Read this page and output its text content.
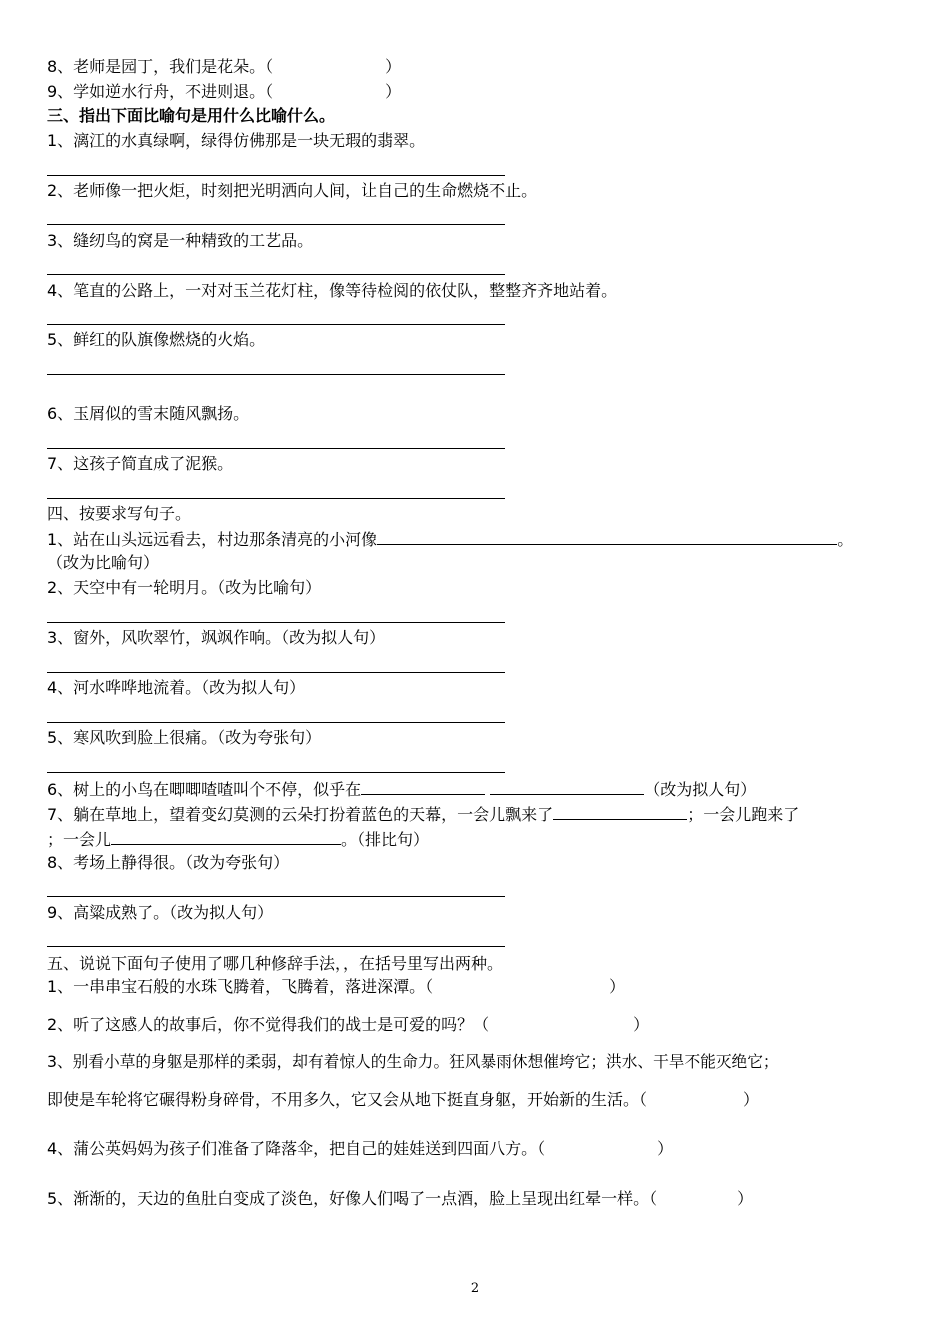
8、老师是园丁，我们是花朵。（　　　　　　　）
9、学如逆水行舟，不进则退。（　　　　　　　）
三、指出下面比喻句是用什么比喻什么。
1、漓江的水真绿啊，绿得仿佛那是一块无瑕的翡翠。
2、老师像一把火炬，时刻把光明洒向人间，让自己的生命燃烧不止。
3、缝纫鸟的窝是一种精致的工艺品。
4、笔直的公路上，一对对玉兰花灯柱，像等待检阅的依仗队，整整齐齐地站着。
5、鲜红的队旗像燃烧的火焰。
6、玉屑似的雪末随风飘扬。
7、这孩子简直成了泥猴。
四、按要求写句子。
1、站在山头远远看去，村边那条清亮的小河像	。
（改为比喻句）
2、天空中有一轮明月。（改为比喻句）
3、窗外，风吹翠竹，飒飒作响。（改为拟人句）
4、河水哗哗地流着。（改为拟人句）
5、寒风吹到脸上很痛。（改为夸张句）
6、树上的小鸟在唧唧喳喳叫个不停，似乎在	（改为拟人句）
7、躺在草地上，望着变幻莫测的云朵打扮着蓝色的天幕，一会儿飘来了	；一会儿跑来了
；一会儿	。（排比句）
8、考场上静得很。（改为夸张句）
9、高粱成熟了。（改为拟人句）
五、说说下面句子使用了哪几种修辞手法，，在括号里写出两种。
1、一串串宝石般的水珠飞腾着，飞腾着，落进深潭。（　　　　　　　　　　　）
2、听了这感人的故事后，你不觉得我们的战士是可爱的吗？（　　　　　　　　　）
3、别看小草的身躯是那样的柔弱，却有着惊人的生命力。狂风暴雨休想催垮它；洪水、干旱不能灭绝它；
即使是车轮将它碾得粉身碎骨，不用多久，它又会从地下挺直身躯，开始新的生活。（　　　　　　）
4、蒲公英妈妈为孩子们准备了降落伞，把自己的娃娃送到四面八方。（　　　　　　　）
5、渐渐的，天边的鱼肚白变成了淡色，好像人们喝了一点酒，脸上呈现出红晕一样。（　　　　　）
2
